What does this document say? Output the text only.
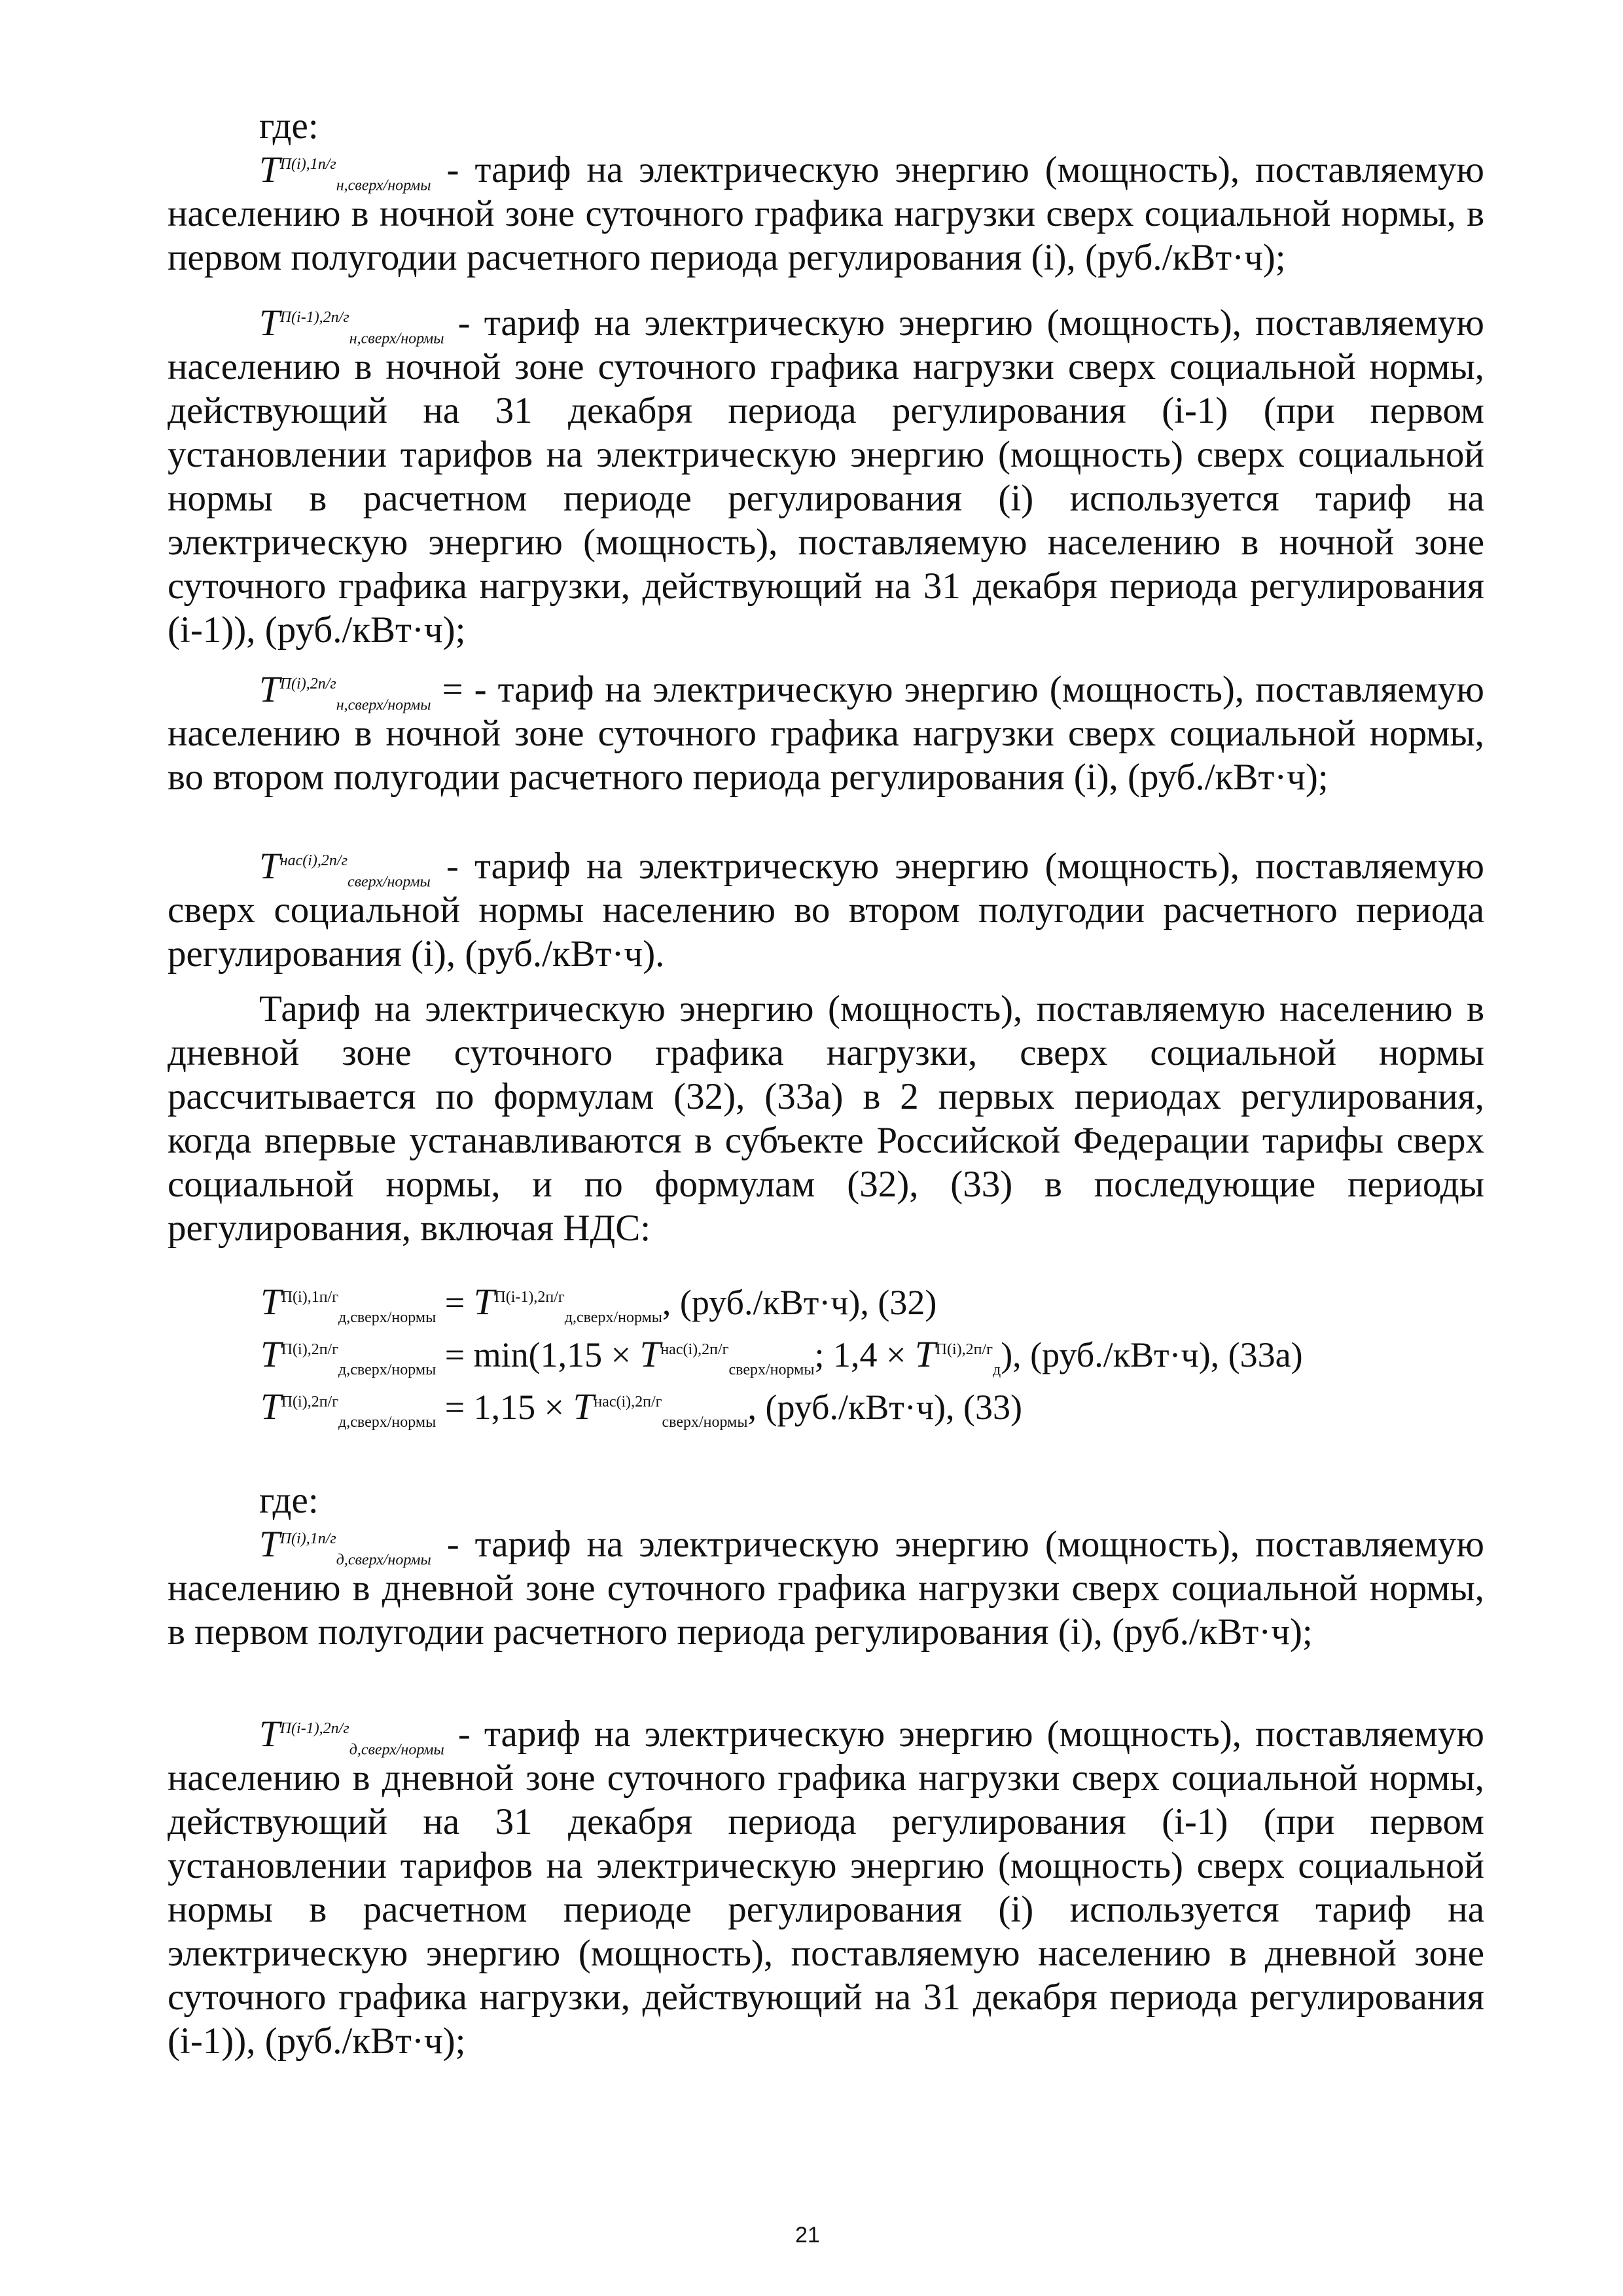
где:

$T^{П(i),1п/г}_{н,сверх/нормы}$ - тариф на электрическую энергию (мощность), поставляемую населению в ночной зоне суточного графика нагрузки сверх социальной нормы, в первом полугодии расчетного периода регулирования (i), (руб./кВт·ч);

$T^{П(i-1),2п/г}_{н,сверх/нормы}$ - тариф на электрическую энергию (мощность), поставляемую населению в ночной зоне суточного графика нагрузки сверх социальной нормы, действующий на 31 декабря периода регулирования (i-1) (при первом установлении тарифов на электрическую энергию (мощность) сверх социальной нормы в расчетном периоде регулирования (i) используется тариф на электрическую энергию (мощность), поставляемую населению в ночной зоне суточного графика нагрузки, действующий на 31 декабря периода регулирования (i-1)), (руб./кВт·ч);

$T^{П(i),2п/г}_{н,сверх/нормы}$ = - тариф на электрическую энергию (мощность), поставляемую населению в ночной зоне суточного графика нагрузки сверх социальной нормы, во втором полугодии расчетного периода регулирования (i), (руб./кВт·ч);

$T^{нас(i),2п/г}_{сверх/нормы}$ - тариф на электрическую энергию (мощность), поставляемую сверх социальной нормы населению во втором полугодии расчетного периода регулирования (i), (руб./кВт·ч).

Тариф на электрическую энергию (мощность), поставляемую населению в дневной зоне суточного графика нагрузки, сверх социальной нормы рассчитывается по формулам (32), (33а) в 2 первых периодах регулирования, когда впервые устанавливаются в субъекте Российской Федерации тарифы сверх социальной нормы, и по формулам (32), (33) в последующие периоды регулирования, включая НДС:

$T^{П(i),1п/г}_{д,сверх/нормы} = T^{П(i-1),2п/г}_{д,сверх/нормы}$, (руб./кВт·ч), (32)
$T^{П(i),2п/г}_{д,сверх/нормы} = \min(1,15 \times T^{нас(i),2п/г}_{сверх/нормы}$; $1,4 \times T^{П(i),2п/г}_д$), (руб./кВт·ч), (33а)
$T^{П(i),2п/г}_{д,сверх/нормы} = 1,15 \times T^{нас(i),2п/г}_{сверх/нормы}$, (руб./кВт·ч), (33)
где:

$T^{П(i),1п/г}_{д,сверх/нормы}$ - тариф на электрическую энергию (мощность), поставляемую населению в дневной зоне суточного графика нагрузки сверх социальной нормы, в первом полугодии расчетного периода регулирования (i), (руб./кВт·ч);

$T^{П(i-1),2п/г}_{д,сверх/нормы}$ - тариф на электрическую энергию (мощность), поставляемую населению в дневной зоне суточного графика нагрузки сверх социальной нормы, действующий на 31 декабря периода регулирования (i-1) (при первом установлении тарифов на электрическую энергию (мощность) сверх социальной нормы в расчетном периоде регулирования (i) используется тариф на электрическую энергию (мощность), поставляемую населению в дневной зоне суточного графика нагрузки, действующий на 31 декабря периода регулирования (i-1)), (руб./кВт·ч);

21
